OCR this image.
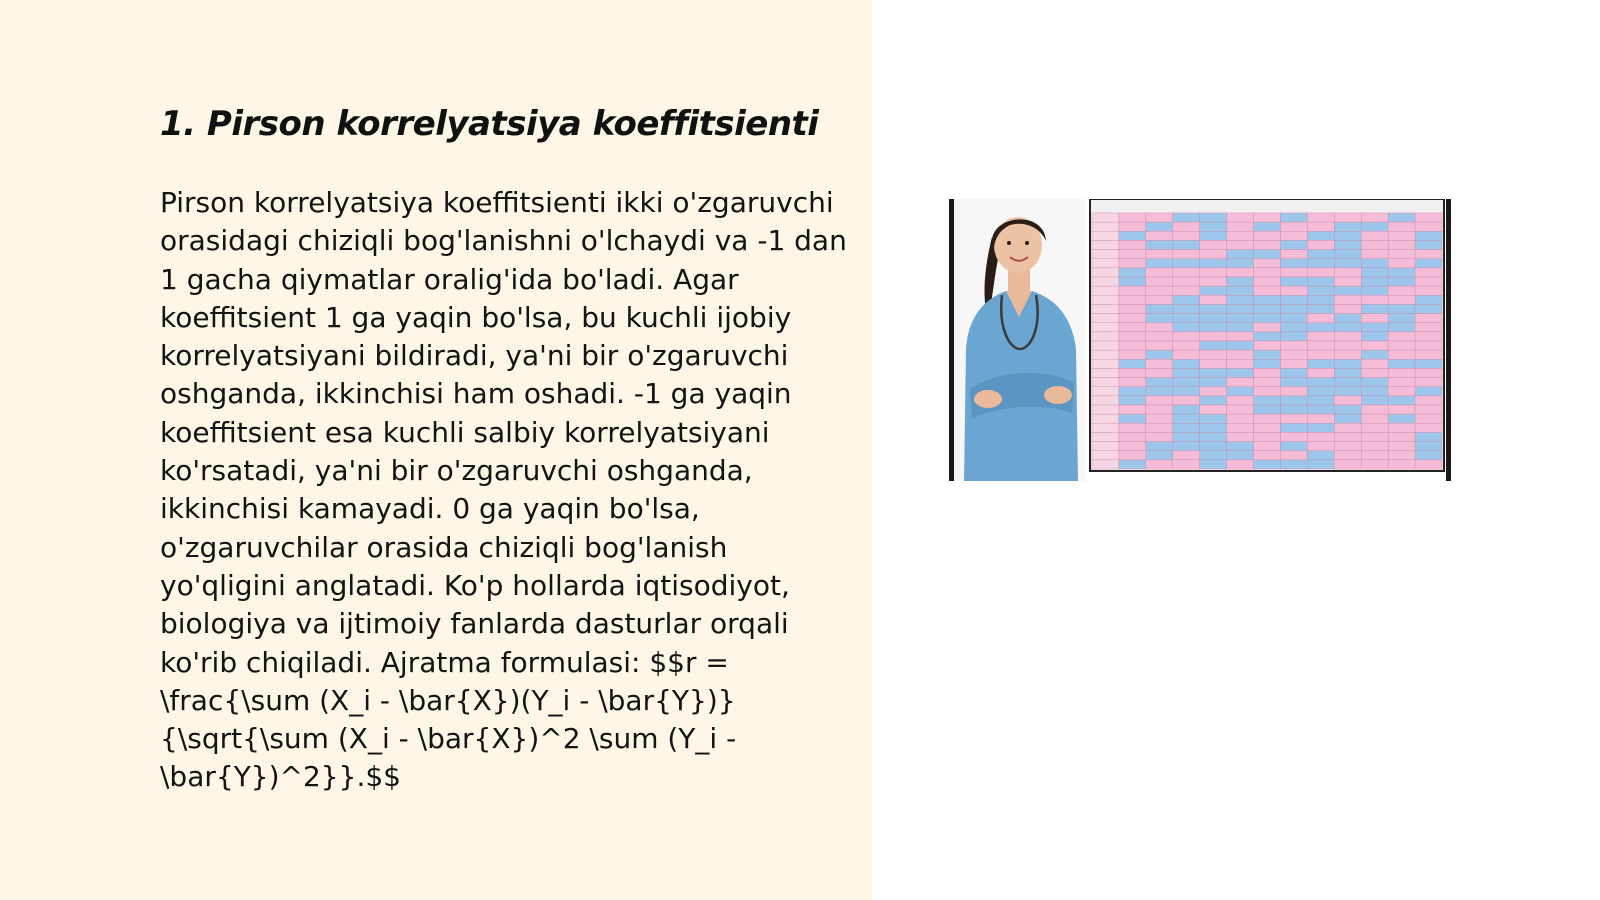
1. Pirson korrelyatsiya koeffitsienti

Pirson korrelyatsiya koeffitsienti ikki o'zgaruvchi orasidagi chiziqli bog'lanishni o'lchaydi va -1 dan 1 gacha qiymatlar oralig'ida bo'ladi. Agar koeffitsient 1 ga yaqin bo'lsa, bu kuchli ijobiy korrelyatsiyani bildiradi, ya'ni bir o'zgaruvchi oshganda, ikkinchisi ham oshadi. -1 ga yaqin koeffitsient esa kuchli salbiy korrelyatsiyani ko'rsatadi, ya'ni bir o'zgaruvchi oshganda, ikkinchisi kamayadi. 0 ga yaqin bo'lsa, o'zgaruvchilar orasida chiziqli bog'lanish yo'qligini anglatadi. Ko'p hollarda iqtisodiyot, biologiya va ijtimoiy fanlarda dasturlar orqali ko'rib chiqiladi. Ajratma formulasi: $$r = \frac{\sum (X_i - \bar{X})(Y_i - \bar{Y})}{\sqrt{\sum (X_i - \bar{X})^2 \sum (Y_i - \bar{Y})^2}}.$$
